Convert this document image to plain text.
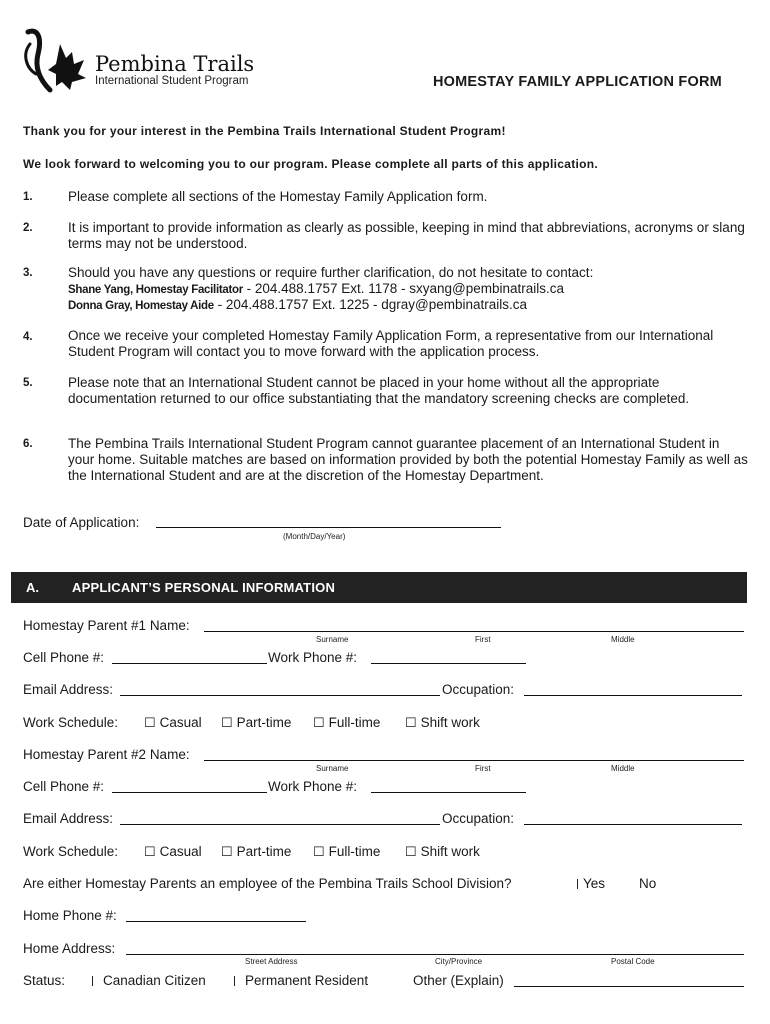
Pembina Trails
International Student Program	HOMESTAY FAMILY APPLICATION FORM
Thank you for your interest in the Pembina Trails International Student Program!
We look forward to welcoming you to our program. Please complete all parts of this application.
1.	Please complete all sections of the Homestay Family Application form.
2.	It is important to provide information as clearly as possible, keeping in mind that abbreviations, acronyms or slang terms may not be understood.
3.	Should you have any questions or require further clarification, do not hesitate to contact:
Shane Yang, Homestay Facilitator - 204.488.1757 Ext. 1178 - sxyang@pembinatrails.ca
Donna Gray, Homestay Aide - 204.488.1757 Ext. 1225 - dgray@pembinatrails.ca
4.	Once we receive your completed Homestay Family Application Form, a representative from our International Student Program will contact you to move forward with the application process.
5.	Please note that an International Student cannot be placed in your home without all the appropriate documentation returned to our office substantiating that the mandatory screening checks are completed.
6.	The Pembina Trails International Student Program cannot guarantee placement of an International Student in your home. Suitable matches are based on information provided by both the potential Homestay Family as well as the International Student and are at the discretion of the Homestay Department.
Date of Application:
(Month/Day/Year)
A.	APPLICANT’S PERSONAL INFORMATION
Homestay Parent #1 Name:
Surname	First	Middle
Cell Phone #:	Work Phone #:
Email Address:	Occupation:
Work Schedule: ☐ Casual ☐ Part-time ☐ Full-time ☐ Shift work
Homestay Parent #2 Name:
Surname	First	Middle
Cell Phone #:	Work Phone #:
Email Address:	Occupation:
Work Schedule: ☐ Casual ☐ Part-time ☐ Full-time ☐ Shift work
Are either Homestay Parents an employee of the Pembina Trails School Division?	Yes	No
Home Phone #:
Home Address:
Street Address	City/Province	Postal Code
Status:	Canadian Citizen	Permanent Resident	Other (Explain)
